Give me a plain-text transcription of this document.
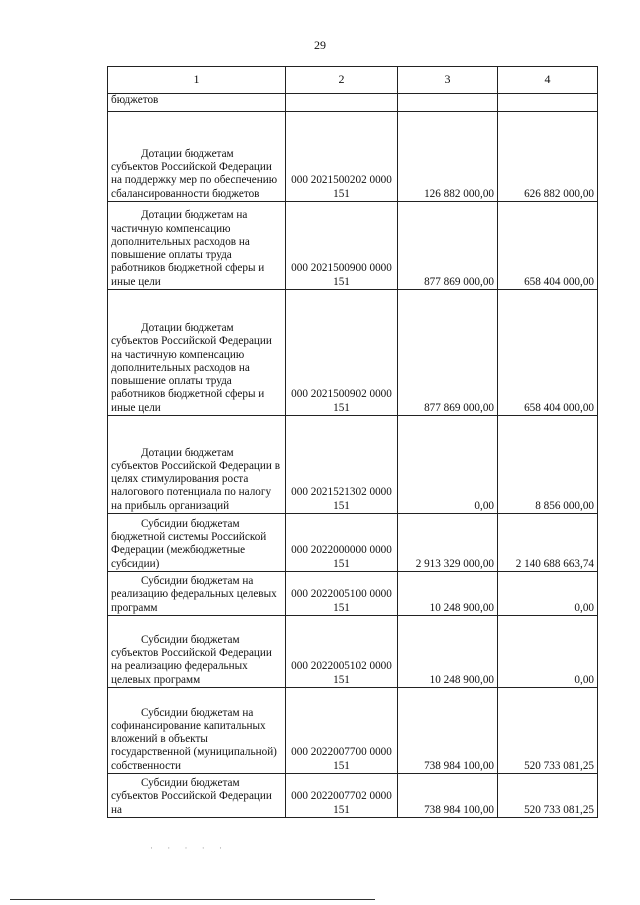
29
1	2	3	4
бюджетов			

Дотации бюджетам субъектов Российской Федерации на поддержку мер по обеспечению сбалансированности бюджетов	000 2021500202 0000 151	126 882 000,00	626 882 000,00

Дотации бюджетам на частичную компенсацию дополнительных расходов на повышение оплаты труда работников бюджетной сферы и иные цели	000 2021500900 0000 151	877 869 000,00	658 404 000,00

Дотации бюджетам субъектов Российской Федерации на частичную компенсацию дополнительных расходов на повышение оплаты труда работников бюджетной сферы и иные цели	000 2021500902 0000 151	877 869 000,00	658 404 000,00

Дотации бюджетам субъектов Российской Федерации в целях стимулирования роста налогового потенциала по налогу на прибыль организаций	000 2021521302 0000 151	0,00	8 856 000,00

Субсидии бюджетам бюджетной системы Российской Федерации (межбюджетные субсидии)	000 2022000000 0000 151	2 913 329 000,00	2 140 688 663,74

Субсидии бюджетам на реализацию федеральных целевых программ	000 2022005100 0000 151	10 248 900,00	0,00

Субсидии бюджетам субъектов Российской Федерации на реализацию федеральных целевых программ	000 2022005102 0000 151	10 248 900,00	0,00

Субсидии бюджетам на софинансирование капитальных вложений в объекты государственной (муниципальной) собственности	000 2022007700 0000 151	738 984 100,00	520 733 081,25

Субсидии бюджетам субъектов Российской Федерации на	000 2022007702 0000 151	738 984 100,00	520 733 081,25
· · · · ·
